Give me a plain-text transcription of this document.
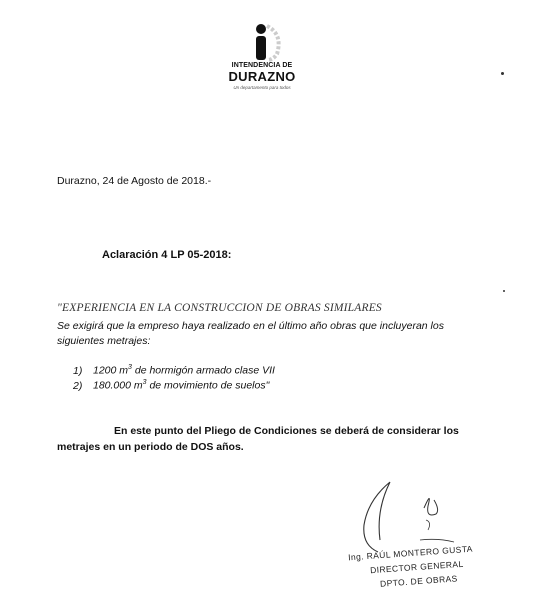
INTENDENCIA DE
DURAZNO
Un departamento para todos
Durazno, 24 de Agosto de 2018.-
Aclaración 4 LP 05-2018:
"EXPERIENCIA EN LA CONSTRUCCION DE OBRAS SIMILARES
Se exigirá que la empreso haya realizado en el último año obras que incluyeran los
siguientes metrajes:
1) 1200 $m^3$ de hormigón armado clase VII
2) 180.000 $m^3$ de movimiento de suelos"
En este punto del Pliego de Condiciones se deberá de considerar los
metrajes en un periodo de DOS años.
Ing. RAÚL MONTERO GUSTA
DIRECTOR GENERAL
DPTO. DE OBRAS
